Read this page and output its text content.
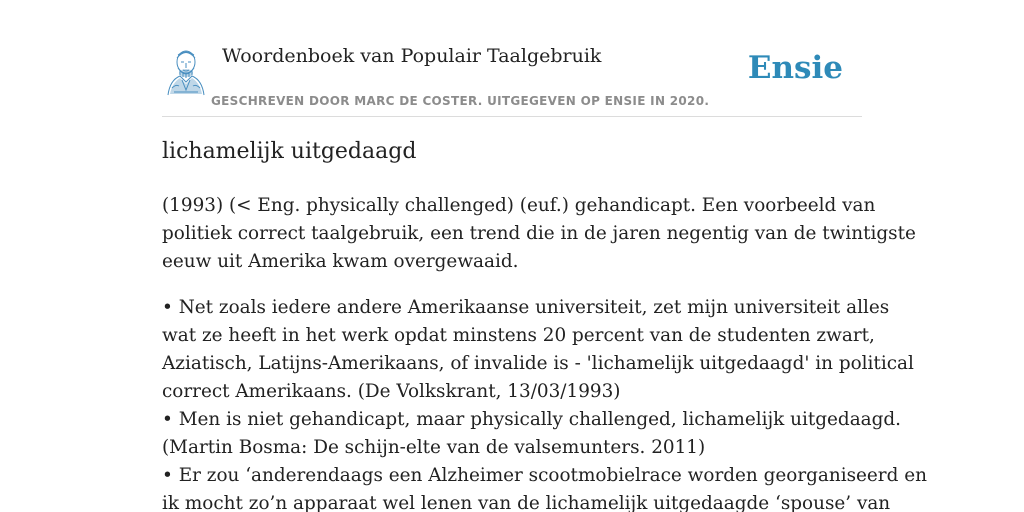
Woordenboek van Populair Taalgebruik
GESCHREVEN DOOR MARC DE COSTER. UITGEGEVEN OP ENSIE IN 2020.
Ensie
lichamelijk uitgedaagd
(1993) (< Eng. physically challenged) (euf.) gehandicapt. Een voorbeeld van
politiek correct taalgebruik, een trend die in de jaren negentig van de twintigste
eeuw uit Amerika kwam overgewaaid.
• Net zoals iedere andere Amerikaanse universiteit, zet mijn universiteit alles
wat ze heeft in het werk opdat minstens 20 percent van de studenten zwart,
Aziatisch, Latijns-Amerikaans, of invalide is - 'lichamelijk uitgedaagd' in political
correct Amerikaans. (De Volkskrant, 13/03/1993)
• Men is niet gehandicapt, maar physically challenged, lichamelijk uitgedaagd.
(Martin Bosma: De schijn-elte van de valsemunters. 2011)
• Er zou ‘anderendaags een Alzheimer scootmobielrace worden georganiseerd en
ik mocht zo’n apparaat wel lenen van de lichamelijk uitgedaagde ‘spouse’ van
